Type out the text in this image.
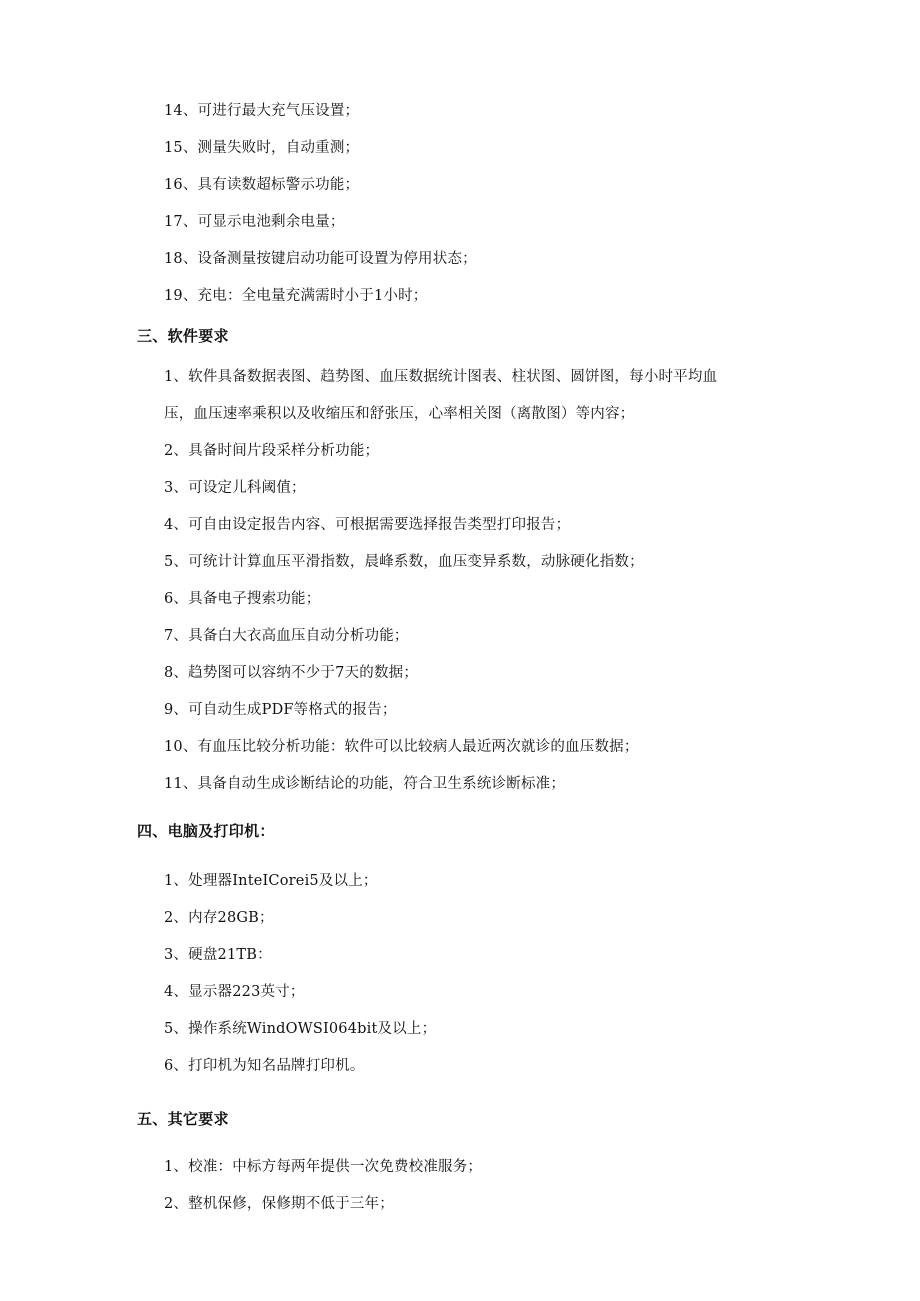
14、可进行最大充气压设置；
15、测量失败时，自动重测；
16、具有读数超标警示功能；
17、可显示电池剩余电量；
18、设备测量按键启动功能可设置为停用状态；
19、充电：全电量充满需时小于1小时；
三、软件要求
1、软件具备数据表图、趋势图、血压数据统计图表、柱状图、圆饼图，每小时平均血
压，血压速率乘积以及收缩压和舒张压，心率相关图（离散图）等内容；
2、具备时间片段采样分析功能；
3、可设定儿科阈值；
4、可自由设定报告内容、可根据需要选择报告类型打印报告；
5、可统计计算血压平滑指数，晨峰系数，血压变异系数，动脉硬化指数；
6、具备电子搜索功能；
7、具备白大衣高血压自动分析功能；
8、趋势图可以容纳不少于7天的数据；
9、可自动生成PDF等格式的报告；
10、有血压比较分析功能：软件可以比较病人最近两次就诊的血压数据；
11、具备自动生成诊断结论的功能，符合卫生系统诊断标准；
四、电脑及打印机：
1、处理器InteICorei5及以上；
2、内存28GB；
3、硬盘21TB：
4、显示器223英寸；
5、操作系统WindOWSI064bit及以上；
6、打印机为知名品牌打印机。
五、其它要求
1、校准：中标方每两年提供一次免费校准服务；
2、整机保修，保修期不低于三年；
